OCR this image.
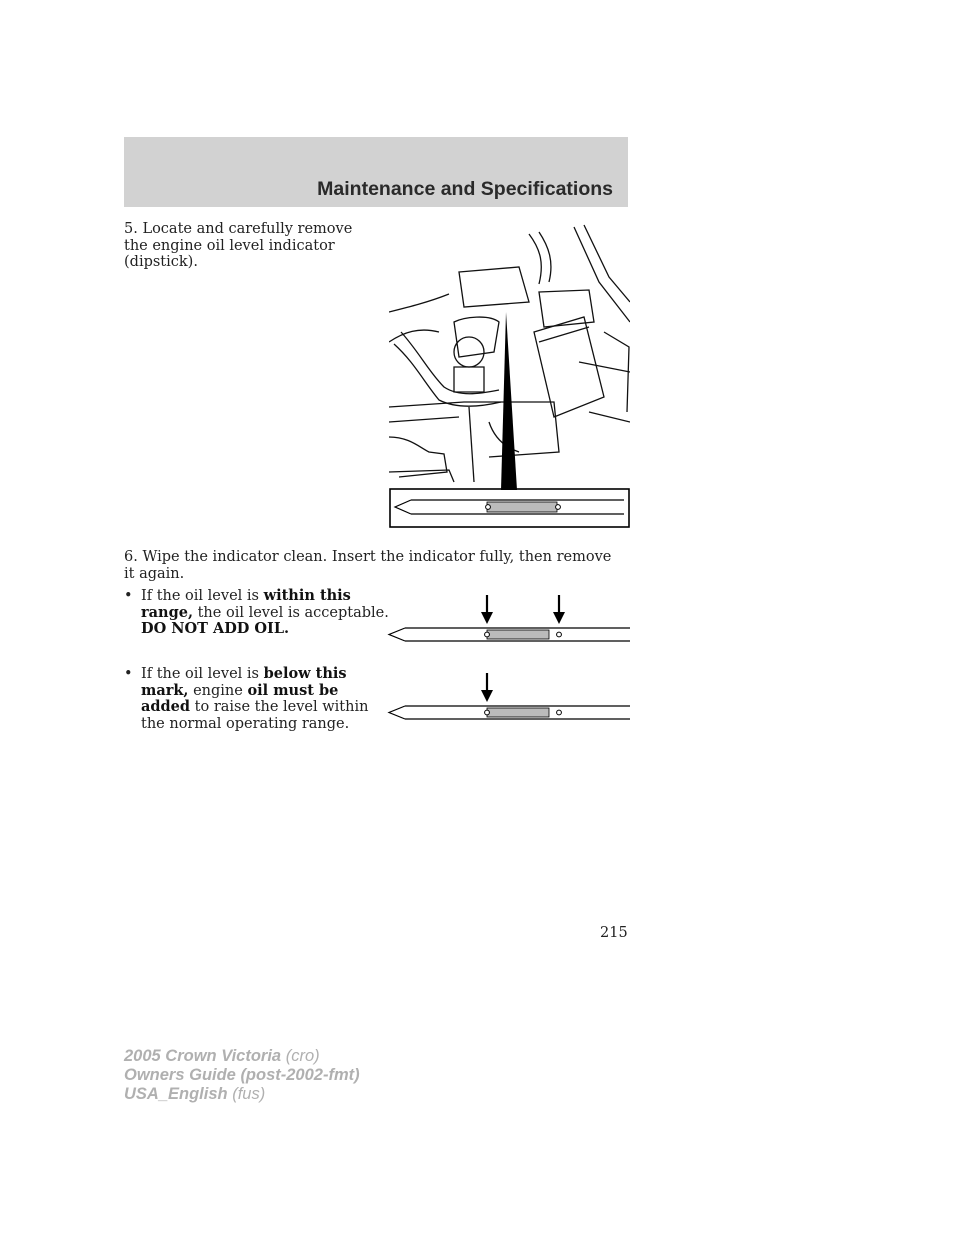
Maintenance and Specifications

5. Locate and carefully remove the engine oil level indicator (dipstick).

6. Wipe the indicator clean. Insert the indicator fully, then remove it again.

• If the oil level is within this range, the oil level is acceptable.
DO NOT ADD OIL.
• If the oil level is below this mark, engine oil must be added to raise the level within the normal operating range.
215
2005 Crown Victoria (cro)
Owners Guide (post-2002-fmt)
USA_English (fus)
